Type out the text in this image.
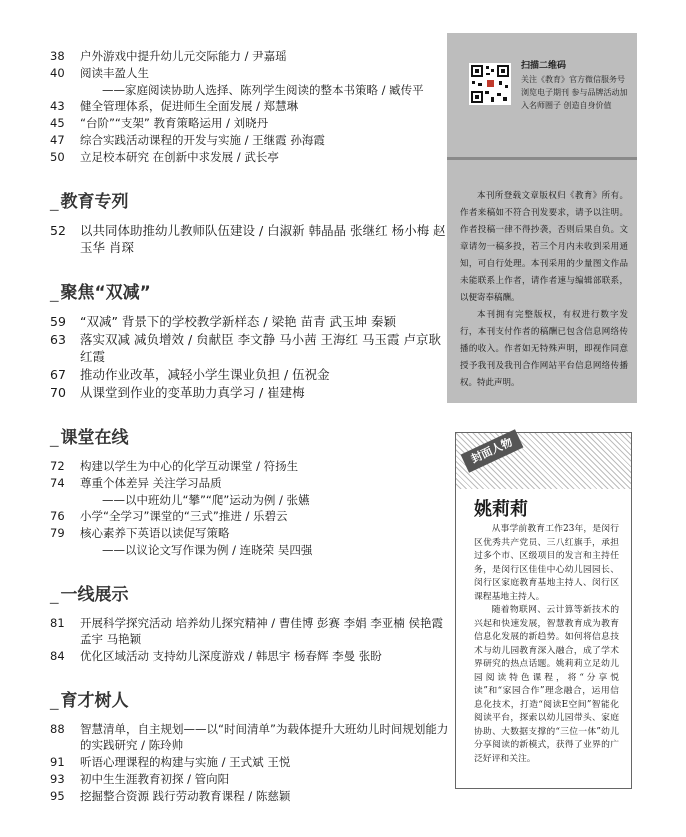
38	户外游戏中提升幼儿元交际能力 / 尹嘉瑶
40	阅读丰盈人生
——家庭阅读协助人选择、陈列学生阅读的整本书策略 / 臧传平
43	健全管理体系，促进师生全面发展 / 郑慧琳
45	“台阶”“支架” 教育策略运用 / 刘晓丹
47	综合实践活动课程的开发与实施 / 王继霞 孙海霞
50	立足校本研究 在创新中求发展 / 武长亭
_ 教育专列
52	以共同体助推幼儿教师队伍建设 / 白淑新 韩晶晶 张继红 杨小梅 赵玉华 肖琛
_ 聚焦“双减”
59	“双减” 背景下的学校教学新样态 / 梁艳 苗青 武玉坤 秦颖
63	落实双减 减负增效 / 贠献臣 李文静 马小茜 王海红 马玉霞 卢京耿红霞
67	推动作业改革，减轻小学生课业负担 / 伍祝金
70	从课堂到作业的变革助力真学习 / 崔建梅
_ 课堂在线
72	构建以学生为中心的化学互动课堂 / 符扬生
74	尊重个体差异 关注学习品质
——以中班幼儿“攀”“爬”运动为例 / 张嬿
76	小学“全学习”课堂的“三式”推进 / 乐碧云
79	核心素养下英语以读促写策略
——以议论文写作课为例 / 连晓荣 吴四强
_ 一线展示
81	开展科学探究活动 培养幼儿探究精神 / 曹佳博 彭赛 李娟 李亚楠 侯艳霞 孟宇 马艳颖
84	优化区域活动 支持幼儿深度游戏 / 韩思宇 杨春辉 李曼 张盼
_ 育才树人
88	智慧清单，自主规划——以“时间清单”为载体提升大班幼儿时间规划能力的实践研究 / 陈玲帅
91	听语心理课程的构建与实施 / 王式斌 王悦
93	初中生生涯教育初探 / 管向阳
95	挖掘整合资源 践行劳动教育课程 / 陈慈颖
扫描二维码
关注《教育》官方微信服务号浏览电子期刊 参与品牌活动加入名师圈子 创造自身价值

本刊所登载文章版权归《教育》所有。作者来稿如不符合刊发要求，请予以注明。作者投稿一律不得抄袭，否则后果自负。文章请勿一稿多投，若三个月内未收到采用通知，可自行处理。本刊采用的少量图文作品未能联系上作者，请作者速与编辑部联系，以便寄奉稿酬。

本刊拥有完整版权，有权进行数字发行，本刊支付作者的稿酬已包含信息网络传播的收入。作者如无特殊声明，即视作同意授予我刊及我刊合作网站平台信息网络传播权。特此声明。

封面人物
姚莉莉

从事学前教育工作23年，是闵行区优秀共产党员、三八红旗手，承担过多个市、区级项目的发言和主持任务，是闵行区佳佳中心幼儿园园长、闵行区家庭教育基地主持人、闵行区课程基地主持人。

随着物联网、云计算等新技术的兴起和快速发展，智慧教育成为教育信息化发展的新趋势。如何将信息技术与幼儿园教育深入融合，成了学术界研究的热点话题。姚莉莉立足幼儿园阅读特色课程，将“分享悦读”和“家园合作”理念融合，运用信息化技术，打造“阅读E空间”智能化阅读平台，探索以幼儿园带头、家庭协助、大数据支撑的“三位一体”幼儿分享阅读的新模式，获得了业界的广泛好评和关注。
